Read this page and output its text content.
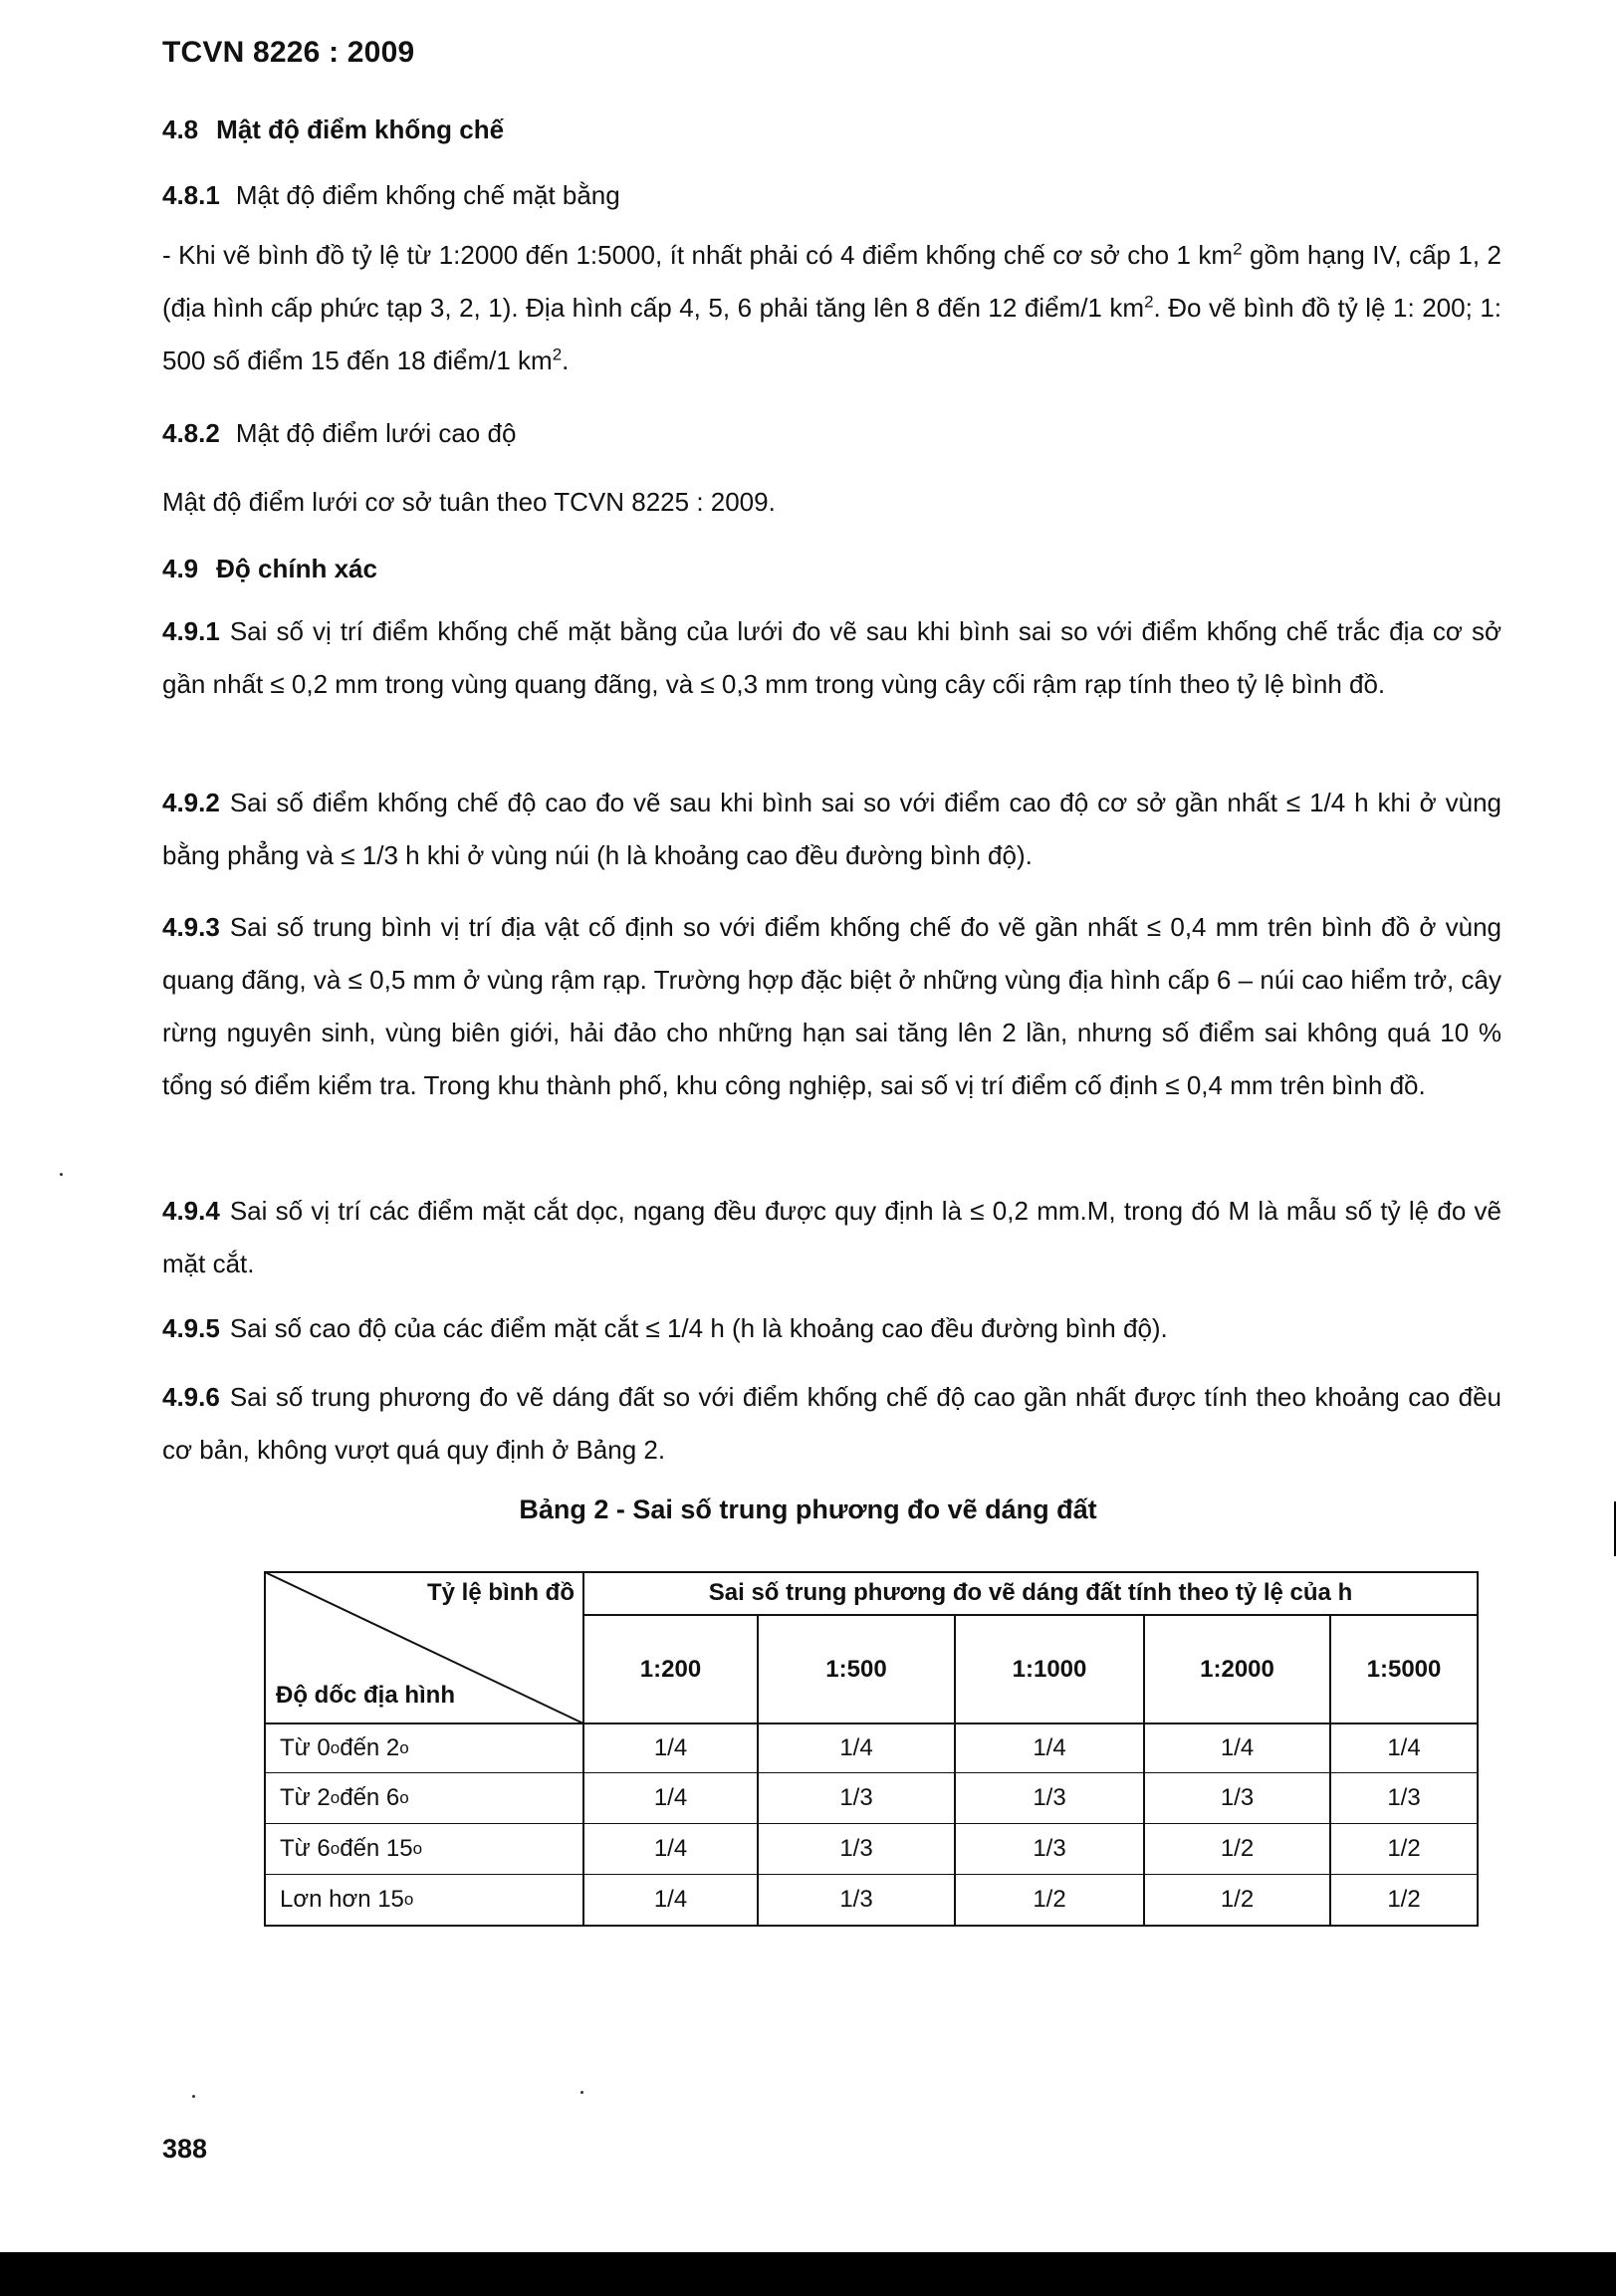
TCVN 8226 : 2009
4.8 Mật độ điểm khống chế
4.8.1 Mật độ điểm khống chế mặt bằng
- Khi vẽ bình đồ tỷ lệ từ 1:2000 đến 1:5000, ít nhất phải có 4 điểm khống chế cơ sở cho 1 $km^2$ gồm hạng IV, cấp 1, 2 (địa hình cấp phức tạp 3, 2, 1). Địa hình cấp 4, 5, 6 phải tăng lên 8 đến 12 điểm/1 $km^2$. Đo vẽ bình đồ tỷ lệ 1: 200; 1: 500 số điểm 15 đến 18 điểm/1 $km^2$.
4.8.2 Mật độ điểm lưới cao độ
Mật độ điểm lưới cơ sở tuân theo TCVN 8225 : 2009.
4.9 Độ chính xác
4.9.1 Sai số vị trí điểm khống chế mặt bằng của lưới đo vẽ sau khi bình sai so với điểm khống chế trắc địa cơ sở gần nhất ≤ 0,2 mm trong vùng quang đãng, và ≤ 0,3 mm trong vùng cây cối rậm rạp tính theo tỷ lệ bình đồ.
4.9.2 Sai số điểm khống chế độ cao đo vẽ sau khi bình sai so với điểm cao độ cơ sở gần nhất ≤ 1/4 h khi ở vùng bằng phẳng và ≤ 1/3 h khi ở vùng núi (h là khoảng cao đều đường bình độ).
4.9.3 Sai số trung bình vị trí địa vật cố định so với điểm khống chế đo vẽ gần nhất ≤ 0,4 mm trên bình đồ ở vùng quang đãng, và ≤ 0,5 mm ở vùng rậm rạp. Trường hợp đặc biệt ở những vùng địa hình cấp 6 – núi cao hiểm trở, cây rừng nguyên sinh, vùng biên giới, hải đảo cho những hạn sai tăng lên 2 lần, nhưng số điểm sai không quá 10 % tổng só điểm kiểm tra. Trong khu thành phố, khu công nghiệp, sai số vị trí điểm cố định ≤ 0,4 mm trên bình đồ.
4.9.4 Sai số vị trí các điểm mặt cắt dọc, ngang đều được quy định là ≤ 0,2 mm.M, trong đó M là mẫu số tỷ lệ đo vẽ mặt cắt.
4.9.5 Sai số cao độ của các điểm mặt cắt ≤ 1/4 h (h là khoảng cao đều đường bình độ).
4.9.6 Sai số trung phương đo vẽ dáng đất so với điểm khống chế độ cao gần nhất được tính theo khoảng cao đều cơ bản, không vượt quá quy định ở Bảng 2.
Bảng 2 - Sai số trung phương đo vẽ dáng đất
Tỷ lệ bình đồ
Độ dốc địa hình
Sai số trung phương đo vẽ dáng đất tính theo tỷ lệ của h
1:200	1:500	1:1000	1:2000	1:5000
Từ 0 o đến 2 o	1/4	1/4	1/4	1/4	1/4
Từ 2 o đến 6 o	1/4	1/3	1/3	1/3	1/3
Từ 6 o đến 15 o	1/4	1/3	1/3	1/2	1/2
Lơn hơn 15 o	1/4	1/3	1/2	1/2	1/2
388
